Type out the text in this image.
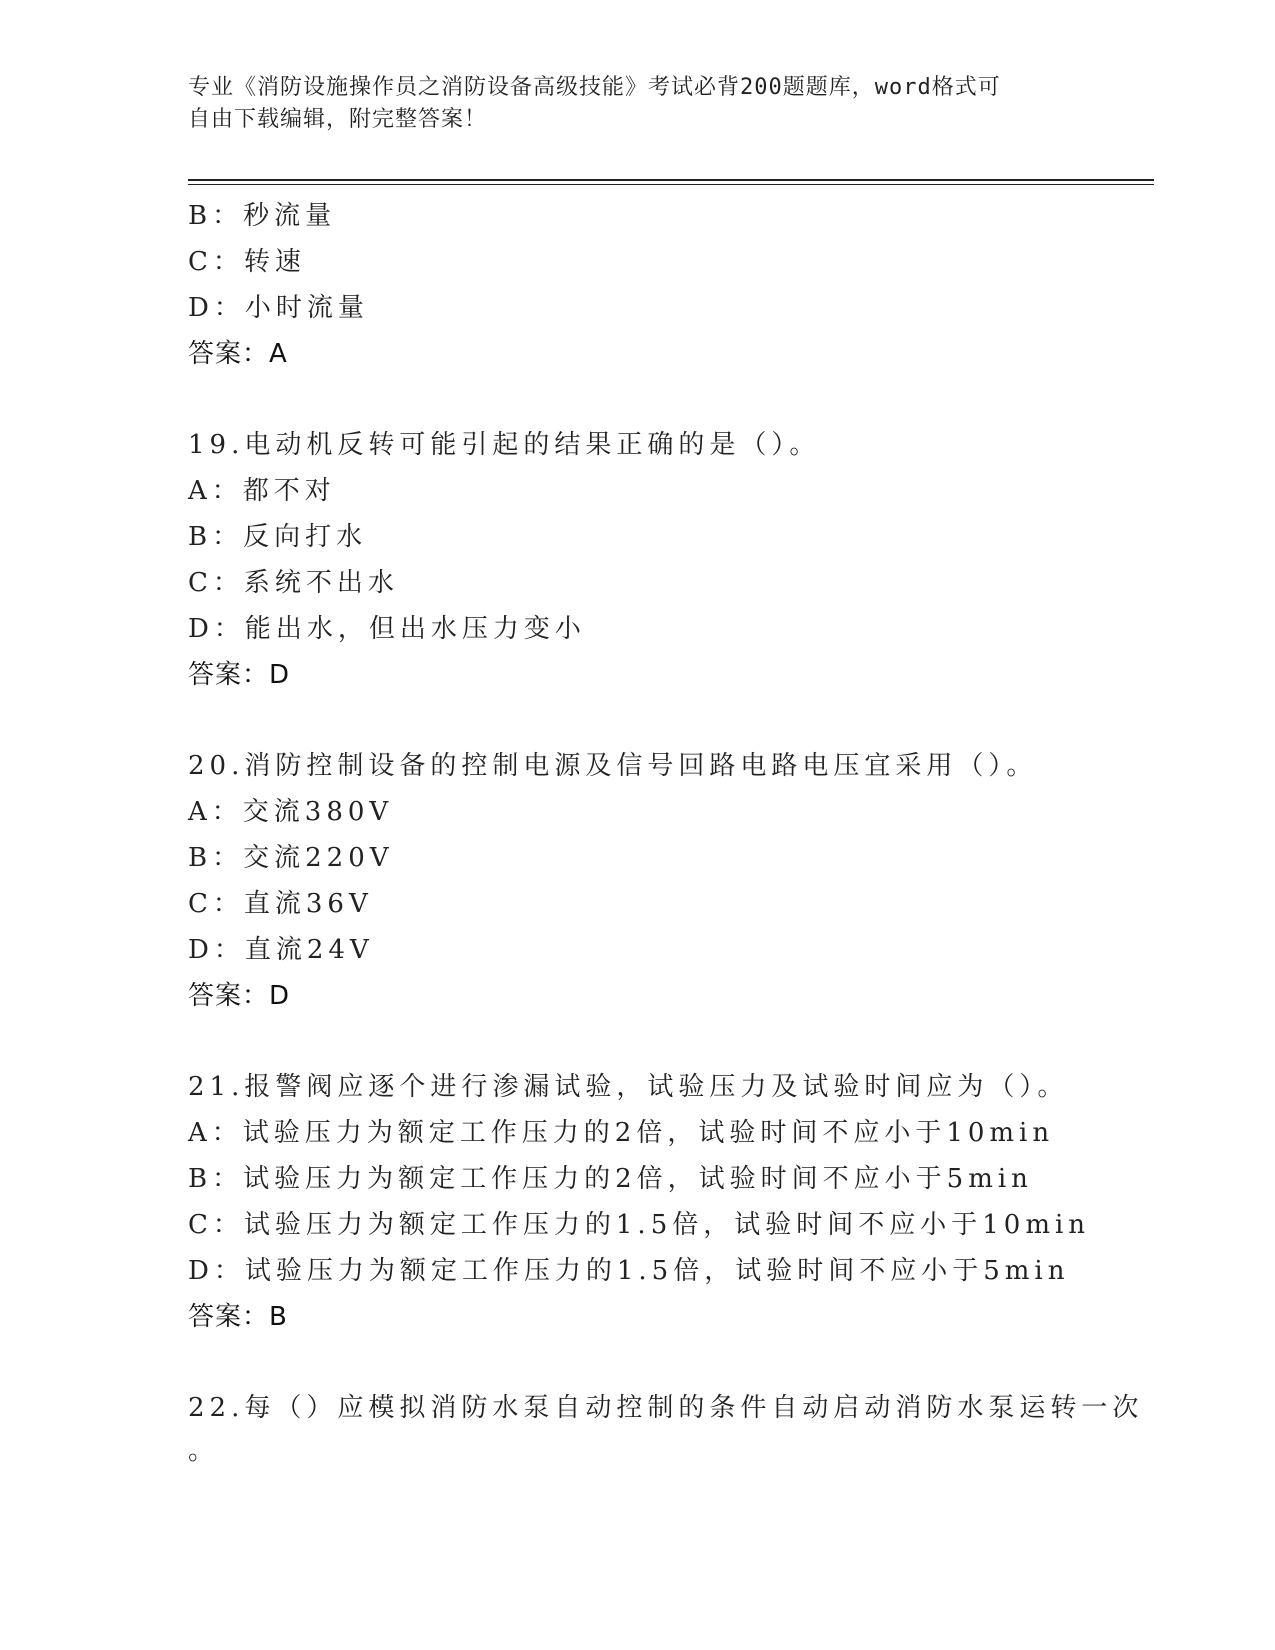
专业《消防设施操作员之消防设备高级技能》考试必背200题题库，word格式可
自由下载编辑，附完整答案！
B：秒流量
C：转速
D：小时流量
答案：A
19.电动机反转可能引起的结果正确的是（）。
A：都不对
B：反向打水
C：系统不出水
D：能出水，但出水压力变小
答案：D
20.消防控制设备的控制电源及信号回路电路电压宜采用（）。
A：交流380V
B：交流220V
C：直流36V
D：直流24V
答案：D
21.报警阀应逐个进行渗漏试验，试验压力及试验时间应为（）。
A：试验压力为额定工作压力的2倍，试验时间不应小于10min
B：试验压力为额定工作压力的2倍，试验时间不应小于5min
C：试验压力为额定工作压力的1.5倍，试验时间不应小于10min
D：试验压力为额定工作压力的1.5倍，试验时间不应小于5min
答案：B
22.每（）应模拟消防水泵自动控制的条件自动启动消防水泵运转一次
。
